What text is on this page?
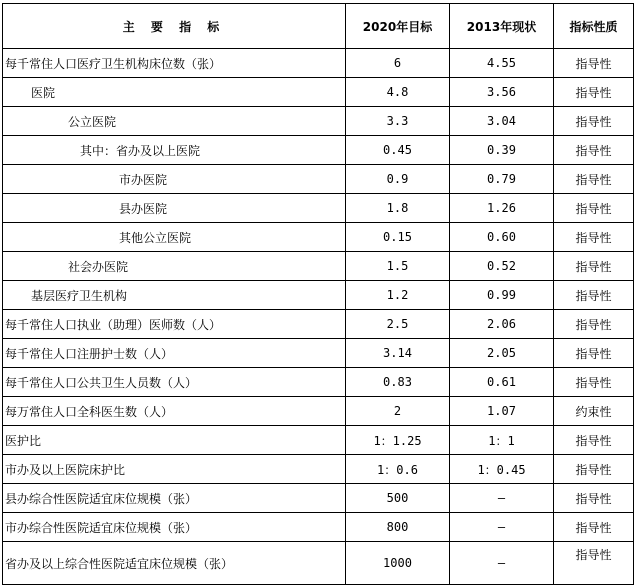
主 要 指 标	2020年目标	2013年现状	指标性质
每千常住人口医疗卫生机构床位数（张）	6	4.55	指导性
医院	4.8	3.56	指导性
公立医院	3.3	3.04	指导性
其中：省办及以上医院	0.45	0.39	指导性
市办医院	0.9	0.79	指导性
县办医院	1.8	1.26	指导性
其他公立医院	0.15	0.60	指导性
社会办医院	1.5	0.52	指导性
基层医疗卫生机构	1.2	0.99	指导性
每千常住人口执业（助理）医师数（人）	2.5	2.06	指导性
每千常住人口注册护士数（人）	3.14	2.05	指导性
每千常住人口公共卫生人员数（人）	0.83	0.61	指导性
每万常住人口全科医生数（人）	2	1.07	约束性
医护比	1：1.25	1：1	指导性
市办及以上医院床护比	1：0.6	1：0.45	指导性
县办综合性医院适宜床位规模（张）	500	—	指导性
市办综合性医院适宜床位规模（张）	800	—	指导性
省办及以上综合性医院适宜床位规模（张）	1000	—	指导性
